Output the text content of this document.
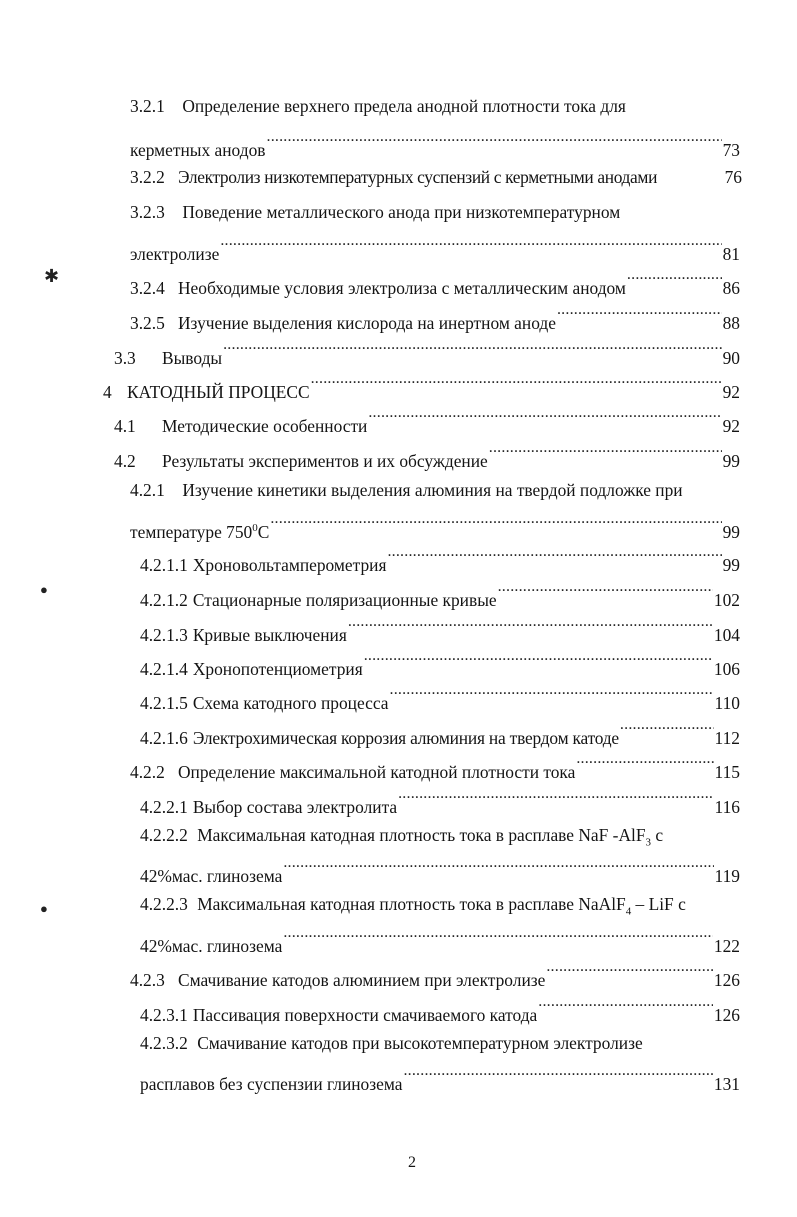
3.2.1 Определение верхнего предела анодной плотности тока для
керметных анодов .....	73
3.2.2 Электролиз низкотемпературных суспензий с керметными анодами	76
3.2.3 Поведение металлического анода при низкотемпературном
электролизе .....	81
3.2.4 Необходимые условия электролиза с металлическим анодом .....	86
3.2.5 Изучение выделения кислорода на инертном аноде .....	88
3.3	Выводы .....	90
4 КАТОДНЫЙ ПРОЦЕСС .....	92
4.1	Методические особенности .....	92
4.2	Результаты экспериментов и их обсуждение .....	99
4.2.1 Изучение кинетики выделения алюминия на твердой подложке при
температуре $750^0С$ .....	99
4.2.1.1 Хроновольтамперометрия .....	99
4.2.1.2 Стационарные поляризационные кривые .....	102
4.2.1.3 Кривые выключения .....	104
4.2.1.4 Хронопотенциометрия .....	106
4.2.1.5 Схема катодного процесса .....	110
4.2.1.6 Электрохимическая коррозия алюминия на твердом катоде .....	112
4.2.2 Определение максимальной катодной плотности тока .....	115
4.2.2.1 Выбор состава электролита .....	116
4.2.2.2 Максимальная катодная плотность тока в расплаве NaF -AlF$_3$ с
42%мас. глинозема .....	119
4.2.2.3 Максимальная катодная плотность тока в расплаве NaAlF$_4$ – LiF с
42%мас. глинозема .....	122
4.2.3 Смачивание катодов алюминием при электролизе .....	126
4.2.3.1 Пассивация поверхности смачиваемого катода .....	126
4.2.3.2 Смачивание катодов при высокотемпературном электролизе
расплавов без суспензии глинозема .....	131
✱
●
●
2
